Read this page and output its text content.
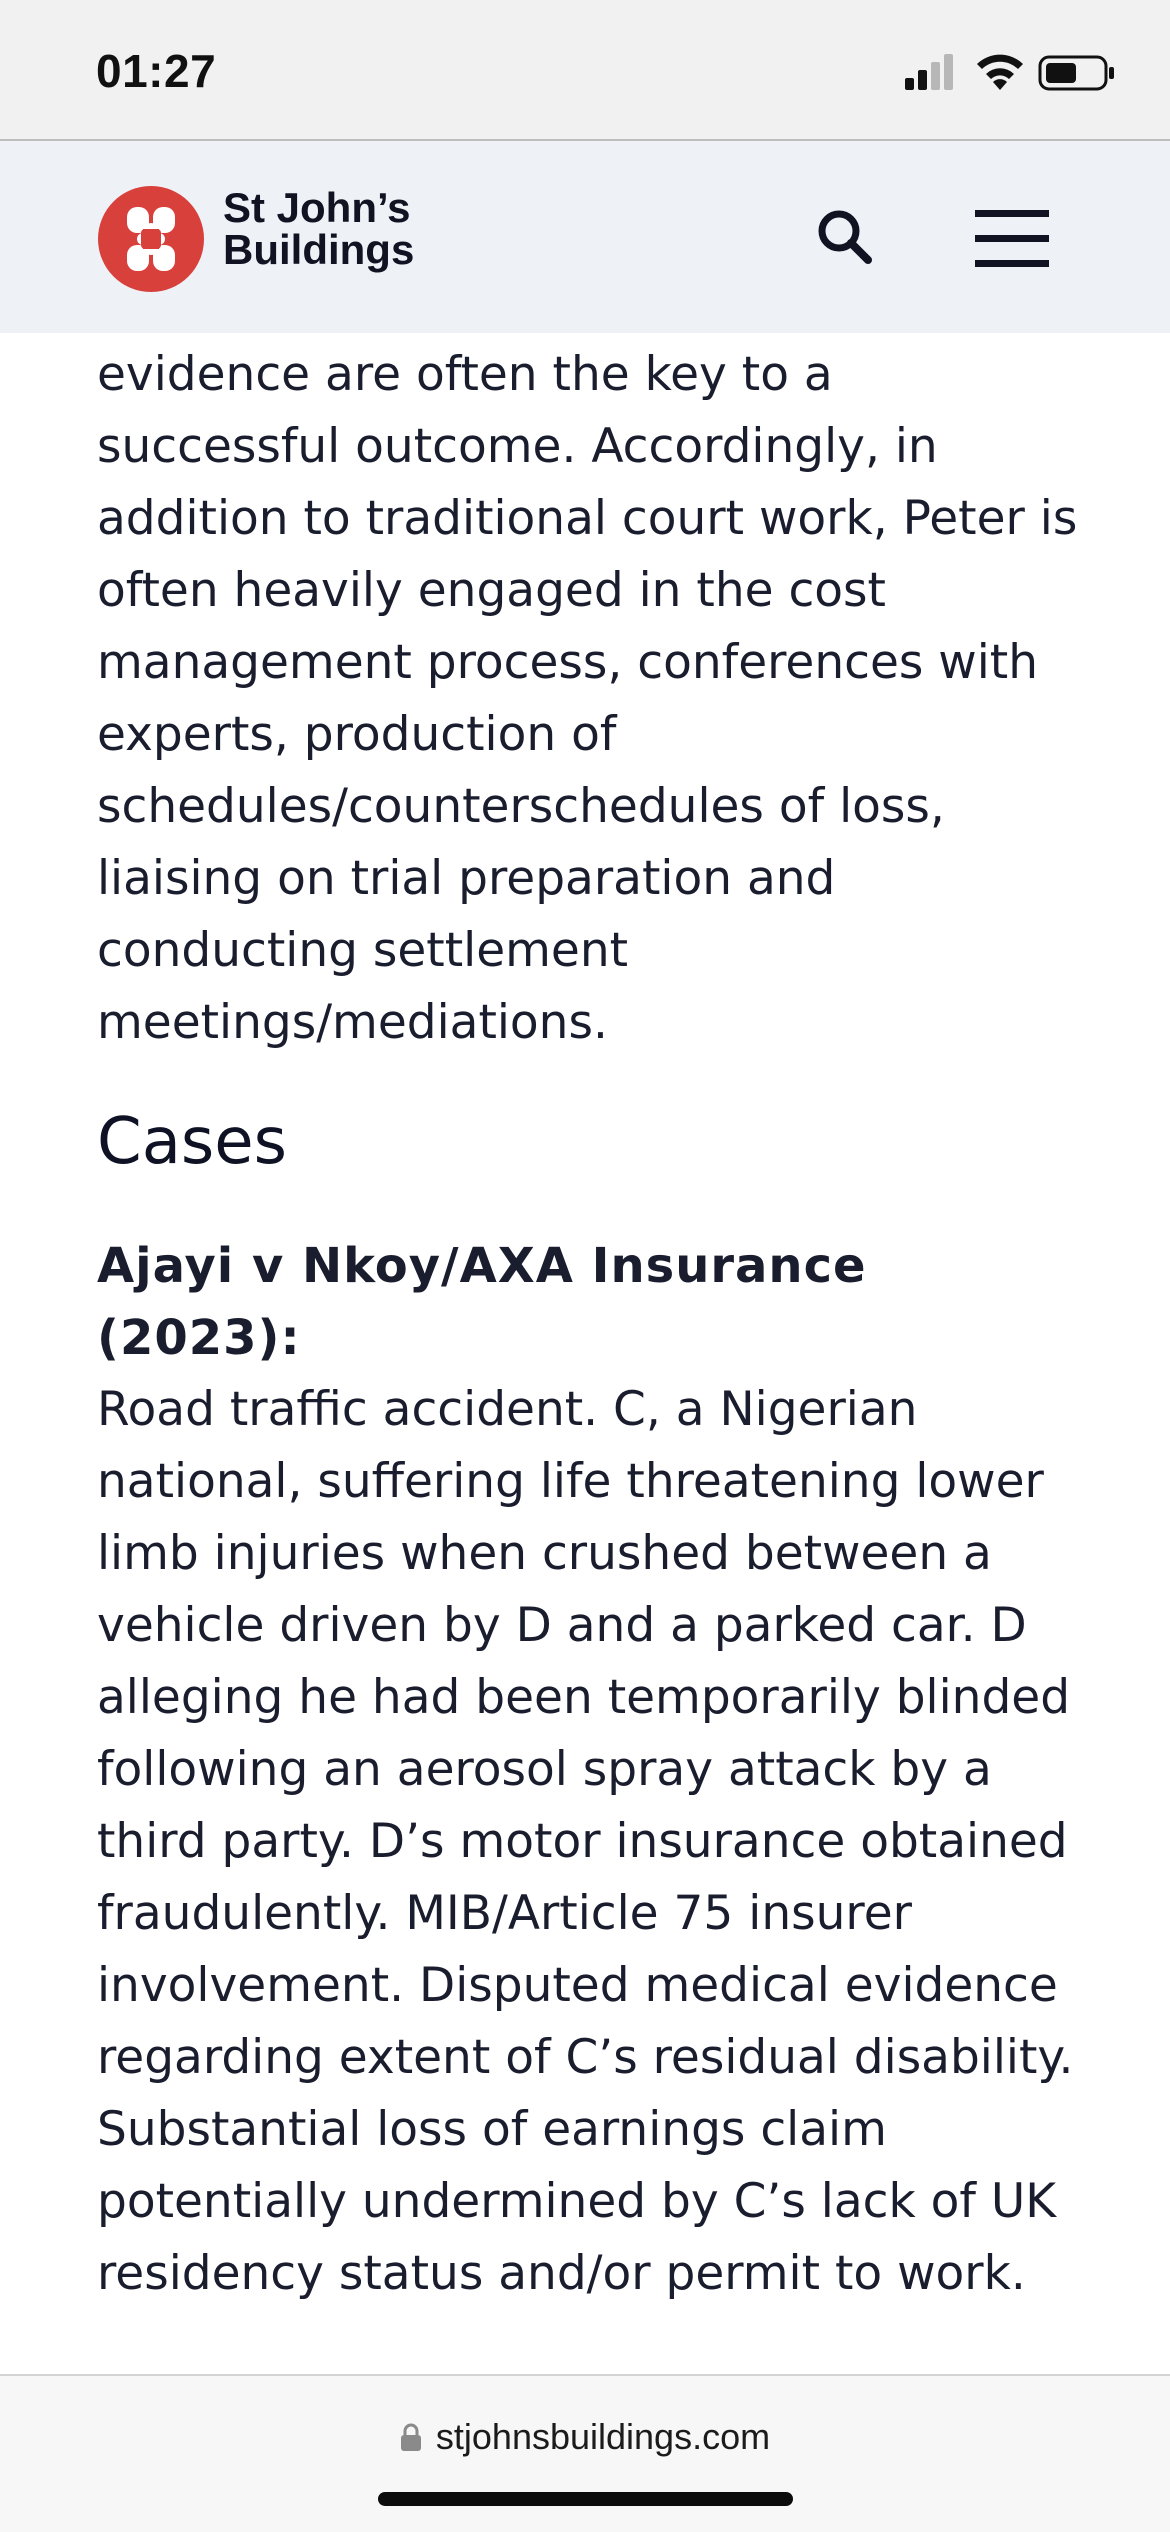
01:27
St John’s
Buildings

evidence are often the key to a successful outcome. Accordingly, in addition to traditional court work, Peter is often heavily engaged in the cost management process, conferences with experts, production of schedules/counterschedules of loss, liaising on trial preparation and conducting settlement meetings/mediations.

Cases

Ajayi v Nkoy/AXA Insurance (2023):
Road traffic accident. C, a Nigerian national, suffering life threatening lower limb injuries when crushed between a vehicle driven by D and a parked car. D alleging he had been temporarily blinded following an aerosol spray attack by a third party. D’s motor insurance obtained fraudulently. MIB/Article 75 insurer involvement. Disputed medical evidence regarding extent of C’s residual disability. Substantial loss of earnings claim potentially undermined by C’s lack of UK residency status and/or permit to work.

stjohnsbuildings.com
